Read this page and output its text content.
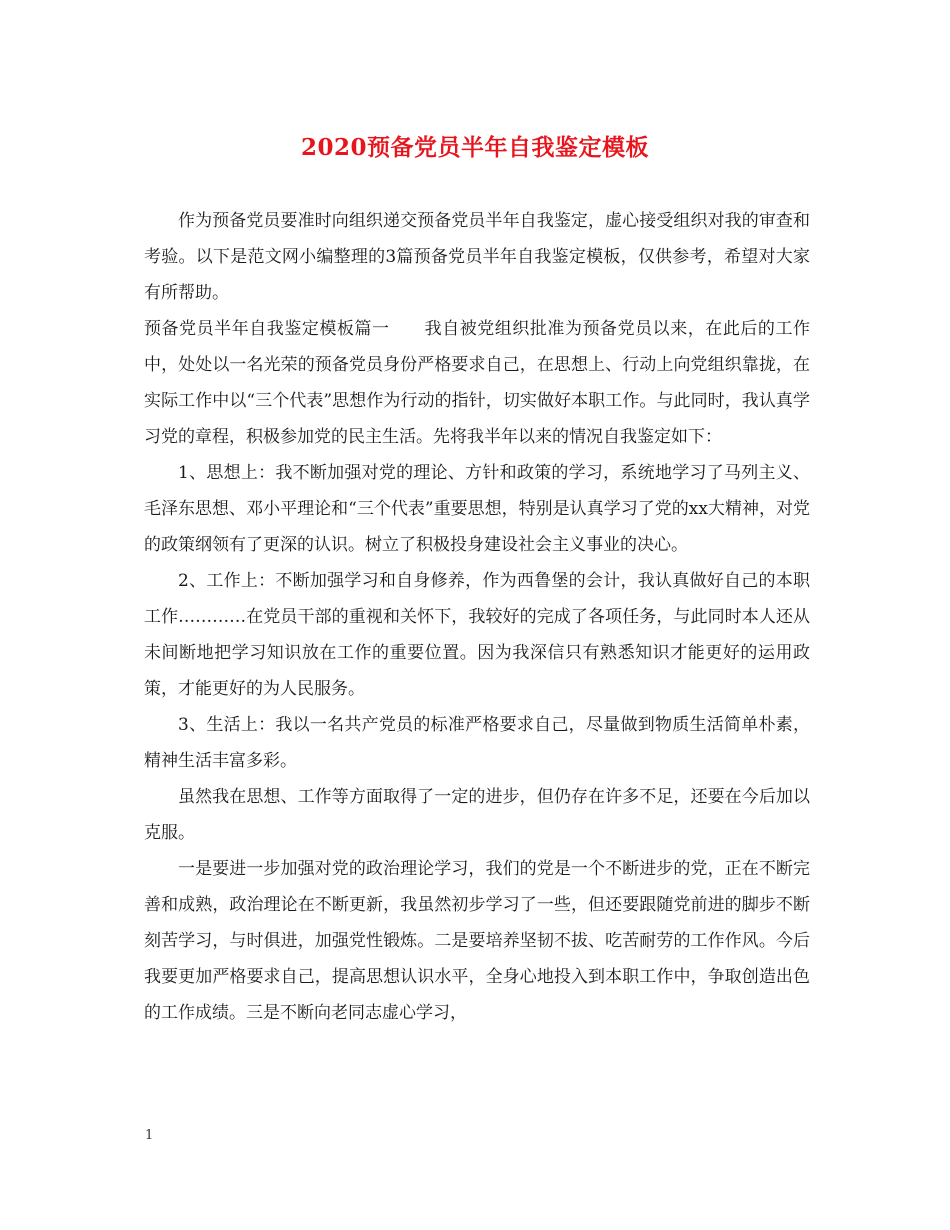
2020预备党员半年自我鉴定模板

作为预备党员要准时向组织递交预备党员半年自我鉴定，虚心接受组织对我的审查和考验。以下是范文网小编整理的3篇预备党员半年自我鉴定模板，仅供参考，希望对大家有所帮助。

预备党员半年自我鉴定模板篇一　　我自被党组织批准为预备党员以来，在此后的工作中，处处以一名光荣的预备党员身份严格要求自己，在思想上、行动上向党组织靠拢，在实际工作中以“三个代表”思想作为行动的指针，切实做好本职工作。与此同时，我认真学习党的章程，积极参加党的民主生活。先将我半年以来的情况自我鉴定如下：

1、思想上：我不断加强对党的理论、方针和政策的学习，系统地学习了马列主义、毛泽东思想、邓小平理论和“三个代表”重要思想，特别是认真学习了党的xx大精神，对党的政策纲领有了更深的认识。树立了积极投身建设社会主义事业的决心。

2、工作上：不断加强学习和自身修养，作为西鲁堡的会计，我认真做好自己的本职工作…………在党员干部的重视和关怀下，我较好的完成了各项任务，与此同时本人还从未间断地把学习知识放在工作的重要位置。因为我深信只有熟悉知识才能更好的运用政策，才能更好的为人民服务。

3、生活上：我以一名共产党员的标准严格要求自己，尽量做到物质生活简单朴素，精神生活丰富多彩。

虽然我在思想、工作等方面取得了一定的进步，但仍存在许多不足，还要在今后加以克服。

一是要进一步加强对党的政治理论学习，我们的党是一个不断进步的党，正在不断完善和成熟，政治理论在不断更新，我虽然初步学习了一些，但还要跟随党前进的脚步不断刻苦学习，与时俱进，加强党性锻炼。二是要培养坚韧不拔、吃苦耐劳的工作作风。今后我要更加严格要求自己，提高思想认识水平，全身心地投入到本职工作中，争取创造出色的工作成绩。三是不断向老同志虚心学习，

1
